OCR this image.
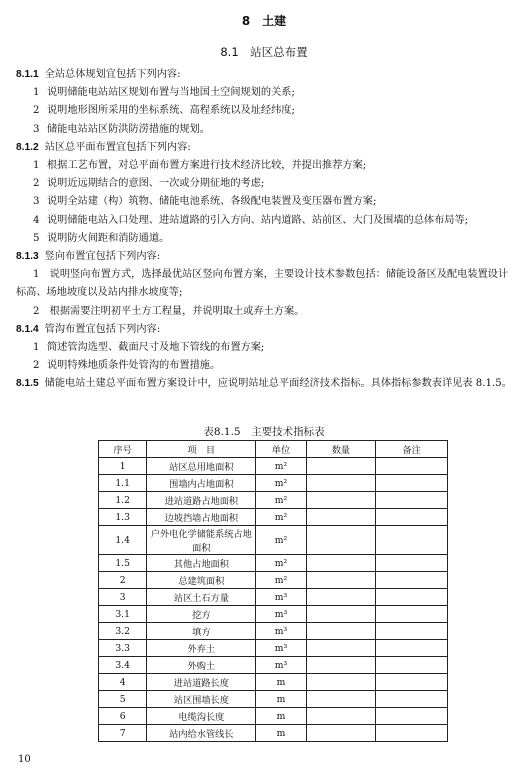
8　土建
8.1　站区总布置
8.1.1 全站总体规划宜包括下列内容:
1 说明储能电站站区规划布置与当地国土空间规划的关系;
2 说明地形图所采用的坐标系统、高程系统以及址经纬度;
3 储能电站站区防洪防涝措施的规划。
8.1.2 站区总平面布置宜包括下列内容:
1 根据工艺布置，对总平面布置方案进行技术经济比较，并提出推荐方案;
2 说明近远期结合的意图、一次或分期征地的考虑;
3 说明全站建（构）筑物、储能电池系统、各级配电装置及变压器布置方案;
4 说明储能电站入口处理、进站道路的引入方向、站内道路、站前区、大门及围墙的总体布局等;
5 说明防火间距和消防通道。
8.1.3 竖向布置宜包括下列内容:
1　说明竖向布置方式，选择最优站区竖向布置方案，主要设计技术参数包括：储能设备区及配电装置设计标高、场地坡度以及站内排水坡度等;
2　根据需要注明初平土方工程量，并说明取土或弃土方案。
8.1.4 管沟布置宜包括下列内容:
1 简述管沟选型、截面尺寸及地下管线的布置方案;
2 说明特殊地质条件处管沟的布置措施。
8.1.5 储能电站土建总平面布置方案设计中，应说明站址总平面经济技术指标。具体指标参数表详见表 8.1.5。
表8.1.5　主要技术指标表
序号	项　目	单位	数量	备注
1	站区总用地面积	m²		
1.1	围墙内占地面积	m²		
1.2	进站道路占地面积	m²		
1.3	边坡挡墙占地面积	m²		
1.4	户外电化学储能系统占地面积	m²		
1.5	其他占地面积	m²		
2	总建筑面积	m²		
3	站区土石方量	m³		
3.1	挖方	m³		
3.2	填方	m³		
3.3	外弃土	m³		
3.4	外购土	m³		
4	进站道路长度	m		
5	站区围墙长度	m		
6	电缆沟长度	m		
7	站内给水管线长	m		
10
